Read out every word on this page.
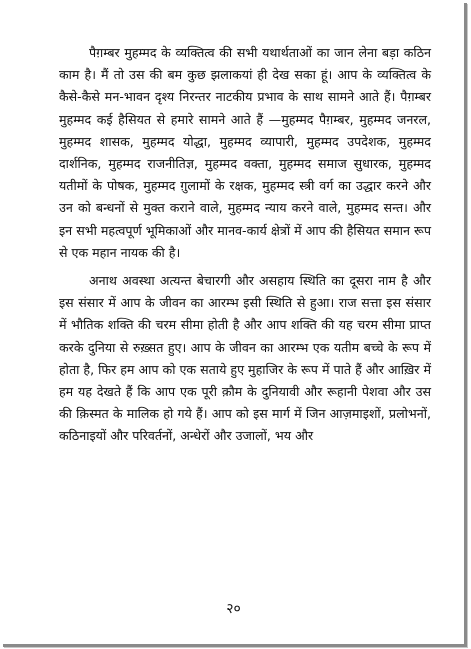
पैग़म्बर मुहम्मद के व्यक्तित्व की सभी यथार्थताओं का जान लेना बड़ा कठिन काम है। मैं तो उस की बम कुछ झलाकयां ही देख सका हूं। आप के व्यक्तित्व के कैसे-कैसे मन-भावन दृश्य निरन्तर नाटकीय प्रभाव के साथ सामने आते हैं। पैग़म्बर मुहम्मद कई हैसियत से हमारे सामने आते हैं —मुहम्मद पैग़म्बर, मुहम्मद जनरल, मुहम्मद शासक, मुहम्मद योद्धा, मुहम्मद व्यापारी, मुहम्मद उपदेशक, मुहम्मद दार्शनिक, मुहम्मद राजनीतिज्ञ, मुहम्मद वक्ता, मुहम्मद समाज सुधारक, मुहम्मद यतीमों के पोषक, मुहम्मद ग़ुलामों के रक्षक, मुहम्मद स्त्री वर्ग का उद्धार करने और उन को बन्धनों से मुक्त कराने वाले, मुहम्मद न्याय करने वाले, मुहम्मद सन्त। और इन सभी महत्वपूर्ण भूमिकाओं और मानव-कार्य क्षेत्रों में आप की हैसियत समान रूप से एक महान नायक की है।

अनाथ अवस्था अत्यन्त बेचारगी और असहाय स्थिति का दूसरा नाम है और इस संसार में आप के जीवन का आरम्भ इसी स्थिति से हुआ। राज सत्ता इस संसार में भौतिक शक्ति की चरम सीमा होती है और आप शक्ति की यह चरम सीमा प्राप्त करके दुनिया से रुख़्सत हुए। आप के जीवन का आरम्भ एक यतीम बच्चे के रूप में होता है, फिर हम आप को एक सताये हुए मुहाजिर के रूप में पाते हैं और आख़िर में हम यह देखते हैं कि आप एक पूरी क़ौम के दुनियावी और रूहानी पेशवा और उस की क़िस्मत के मालिक हो गये हैं। आप को इस मार्ग में जिन आज़माइशों, प्रलोभनों, कठिनाइयों और परिवर्तनों, अन्धेरों और उजालों, भय और

२०
